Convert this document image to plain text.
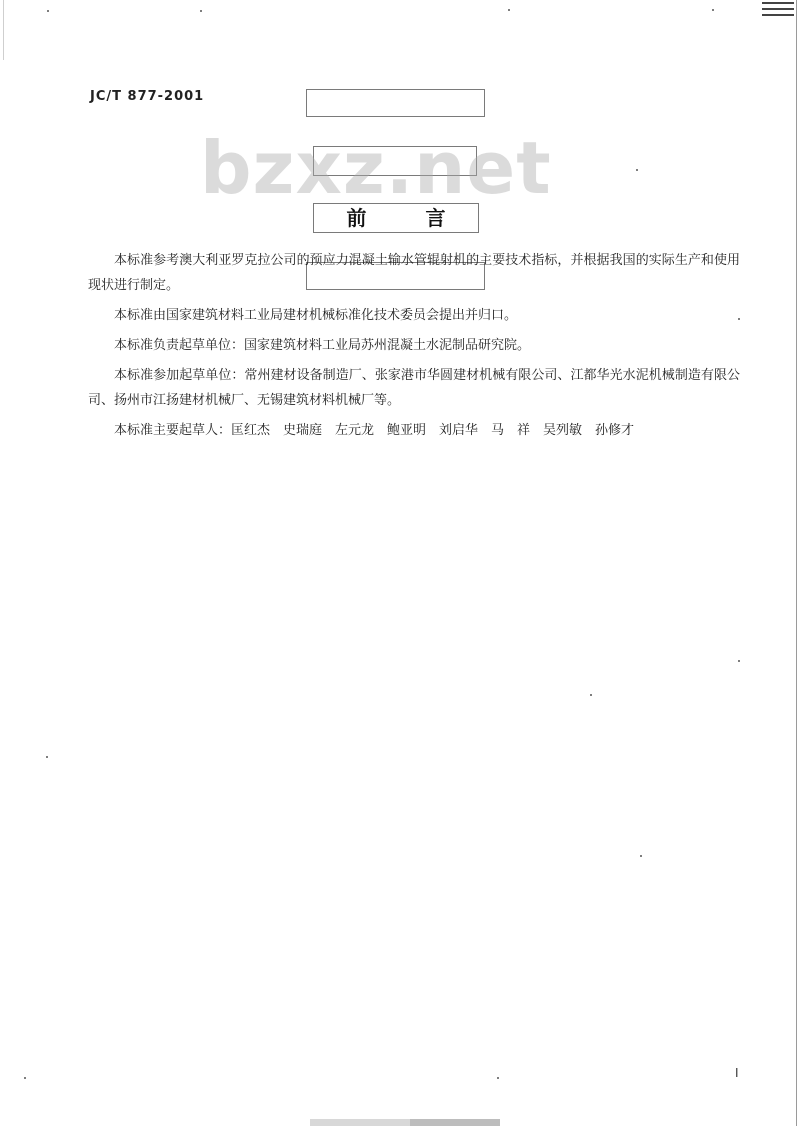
JC/T 877-2001
bzxz.net
前 言

本标准参考澳大利亚罗克拉公司的预应力混凝土输水管辊射机的主要技术指标，并根据我国的实际生产和使用现状进行制定。

本标准由国家建筑材料工业局建材机械标准化技术委员会提出并归口。

本标准负责起草单位：国家建筑材料工业局苏州混凝土水泥制品研究院。

本标准参加起草单位：常州建材设备制造厂、张家港市华圆建材机械有限公司、江都华光水泥机械制造有限公司、扬州市江扬建材机械厂、无锡建筑材料机械厂等。

本标准主要起草人：匡红杰　史瑞庭　左元龙　鲍亚明　刘启华　马　祥　吴列敏　孙修才

I
